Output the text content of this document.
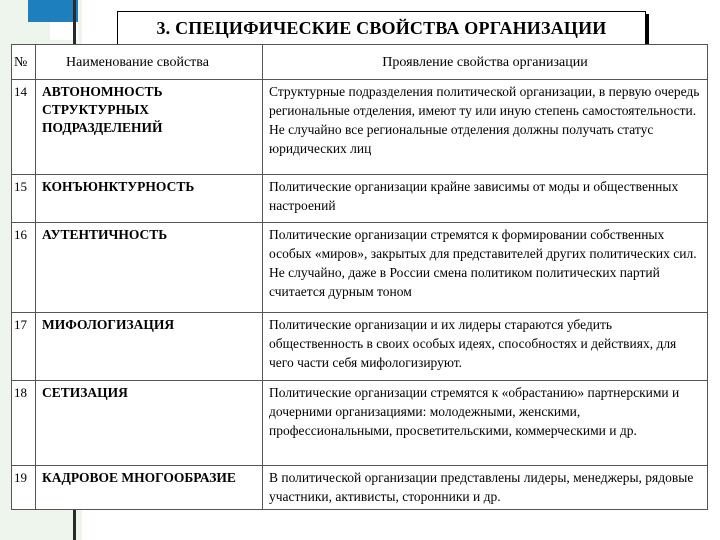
3. СПЕЦИФИЧЕСКИЕ СВОЙСТВА ОРГАНИЗАЦИИ
№	Наименование свойства	Проявление свойства организации
14	АВТОНОМНОСТЬ СТРУКТУРНЫХ ПОДРАЗДЕЛЕНИЙ	Структурные подразделения политической организации, в первую очередь региональные отделения, имеют ту или иную степень самостоятельности. Не случайно все региональные отделения должны получать статус юридических лиц
15	КОНЪЮНКТУРНОСТЬ	Политические организации крайне зависимы от моды и общественных настроений
16	АУТЕНТИЧНОСТЬ	Политические организации стремятся к формировании собственных особых «миров», закрытых для представителей других политических сил. Не случайно, даже в России смена политиком политических партий считается дурным тоном
17	МИФОЛОГИЗАЦИЯ	Политические организации и их лидеры стараются убедить общественность в своих особых идеях, способностях и действиях, для чего части себя мифологизируют.
18	СЕТИЗАЦИЯ	Политические организации стремятся к «обрастанию» партнерскими и дочерними организациями: молодежными, женскими, профессиональными, просветительскими, коммерческими и др.
19	КАДРОВОЕ МНОГООБРАЗИЕ	В политической организации представлены лидеры, менеджеры, рядовые участники, активисты, сторонники и др.
